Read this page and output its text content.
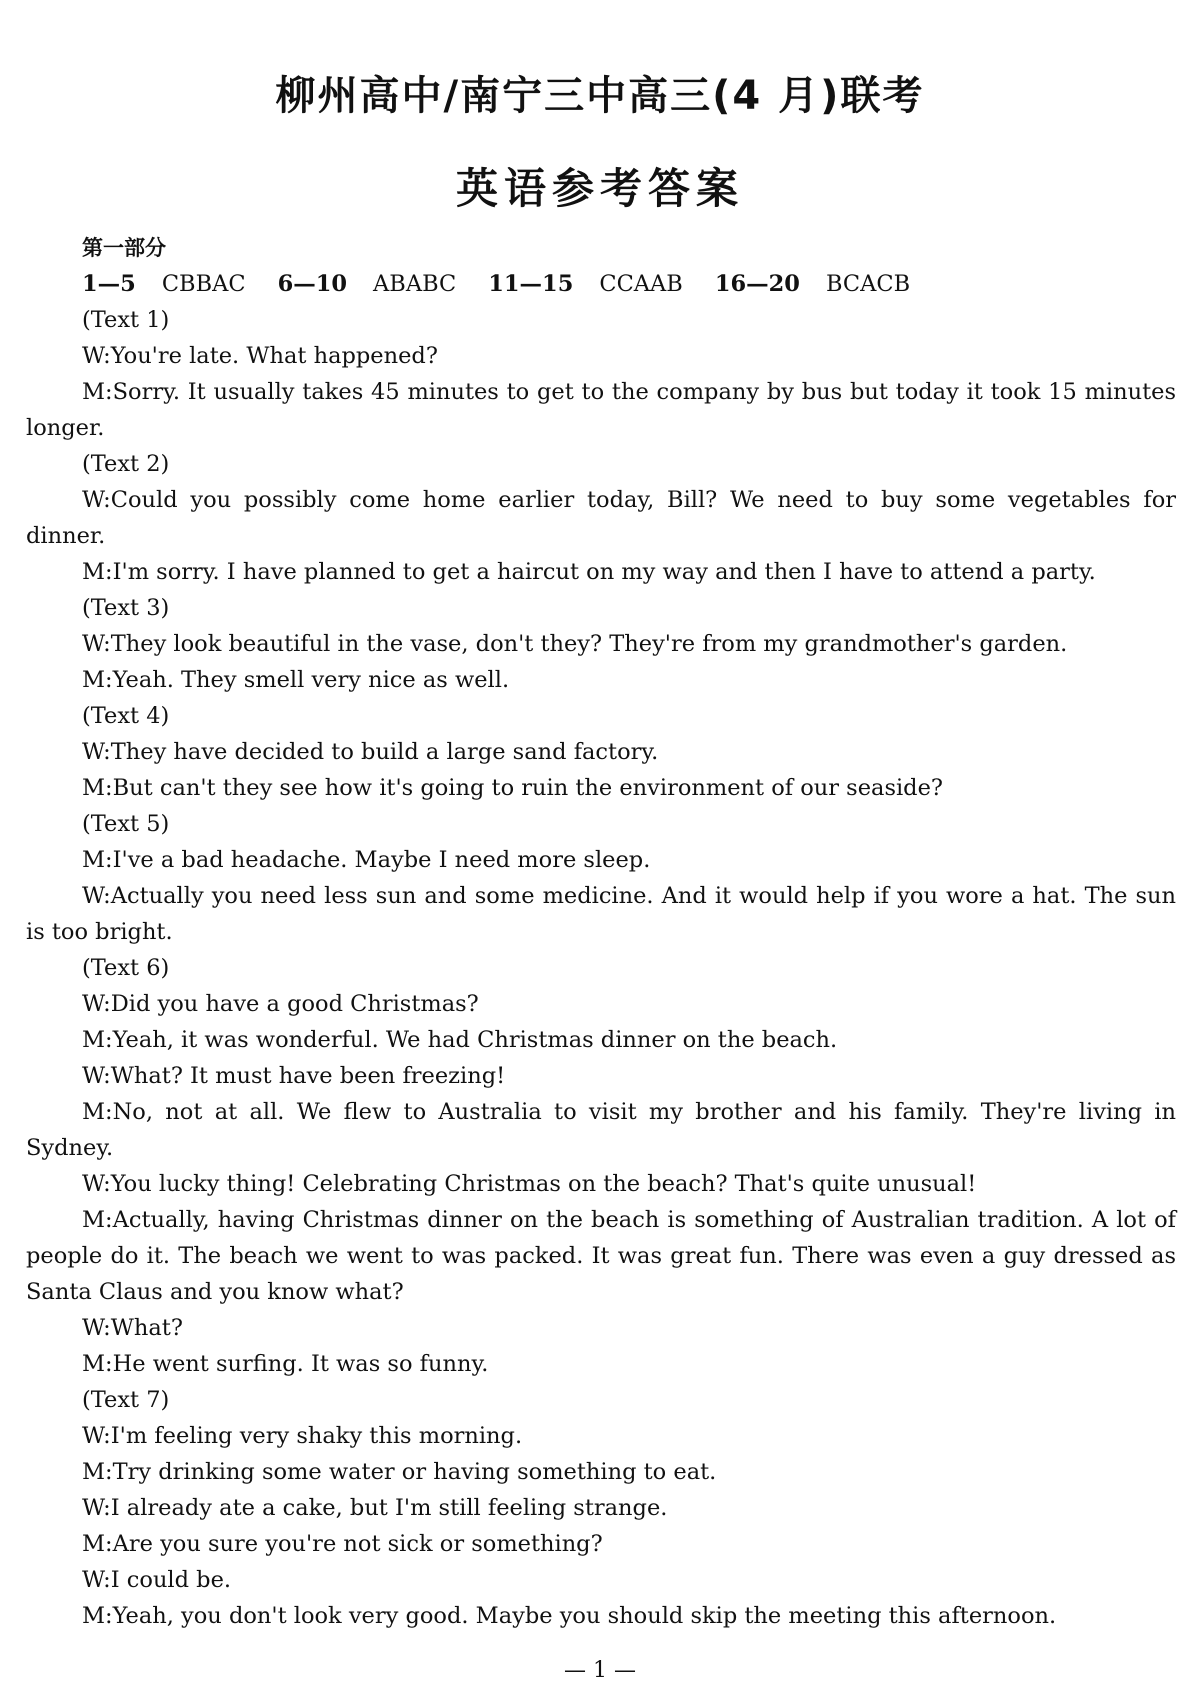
柳州高中/南宁三中高三(4 月)联考
英语参考答案
第一部分
1—5 CBBAC 6—10 ABABC 11—15 CCAAB 16—20 BCACB
(Text 1)
W:You're late. What happened?
M:Sorry. It usually takes 45 minutes to get to the company by bus but today it took 15 minutes longer.
(Text 2)
W:Could you possibly come home earlier today, Bill? We need to buy some vegetables for dinner.
M:I'm sorry. I have planned to get a haircut on my way and then I have to attend a party.
(Text 3)
W:They look beautiful in the vase, don't they? They're from my grandmother's garden.
M:Yeah. They smell very nice as well.
(Text 4)
W:They have decided to build a large sand factory.
M:But can't they see how it's going to ruin the environment of our seaside?
(Text 5)
M:I've a bad headache. Maybe I need more sleep.
W:Actually you need less sun and some medicine. And it would help if you wore a hat. The sun is too bright.
(Text 6)
W:Did you have a good Christmas?
M:Yeah, it was wonderful. We had Christmas dinner on the beach.
W:What? It must have been freezing!
M:No, not at all. We flew to Australia to visit my brother and his family. They're living in Sydney.
W:You lucky thing! Celebrating Christmas on the beach? That's quite unusual!
M:Actually, having Christmas dinner on the beach is something of Australian tradition. A lot of people do it. The beach we went to was packed. It was great fun. There was even a guy dressed as Santa Claus and you know what?
W:What?
M:He went surfing. It was so funny.
(Text 7)
W:I'm feeling very shaky this morning.
M:Try drinking some water or having something to eat.
W:I already ate a cake, but I'm still feeling strange.
M:Are you sure you're not sick or something?
W:I could be.
M:Yeah, you don't look very good. Maybe you should skip the meeting this afternoon.
— 1 —
